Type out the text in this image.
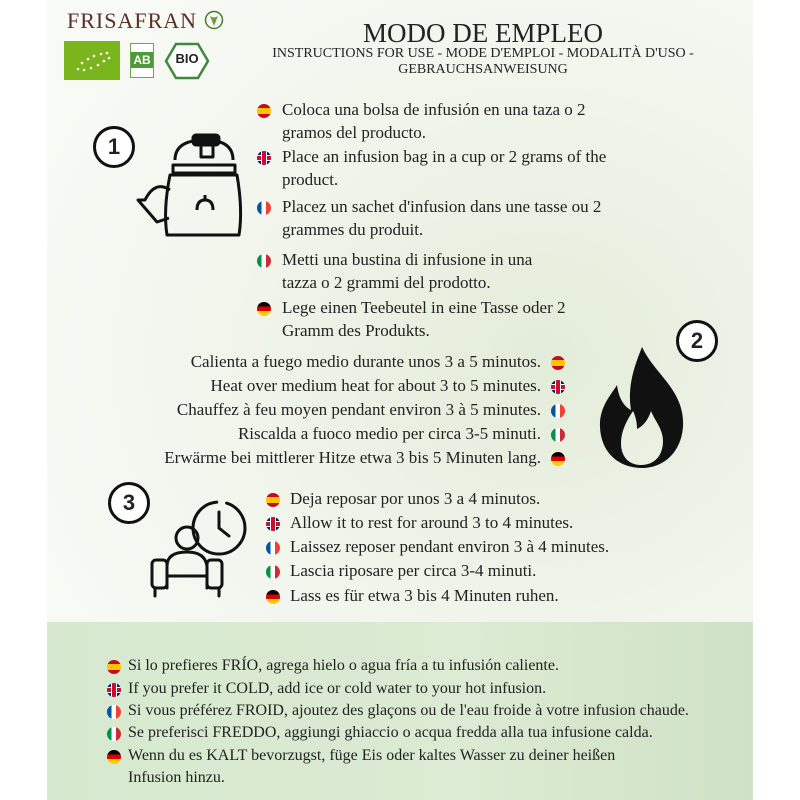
FRISAFRAN
AB	BIO
MODO DE EMPLEO
INSTRUCTIONS FOR USE - MODE D'EMPLOI - MODALITÀ D'USO - GEBRAUCHSANWEISUNG
1
2
3
Coloca una bolsa de infusión en una taza o 2
gramos del producto.
Place an infusion bag in a cup or 2 grams of the
product.
Placez un sachet d'infusion dans une tasse ou 2
grammes du produit.
Metti una bustina di infusione in una
tazza o 2 grammi del prodotto.
Lege einen Teebeutel in eine Tasse oder 2
Gramm des Produkts.
Calienta a fuego medio durante unos 3 a 5 minutos.
Heat over medium heat for about 3 to 5 minutes.
Chauffez à feu moyen pendant environ 3 à 5 minutes.
Riscalda a fuoco medio per circa 3-5 minuti.
Erwärme bei mittlerer Hitze etwa 3 bis 5 Minuten lang.
Deja reposar por unos 3 a 4 minutos.
Allow it to rest for around 3 to 4 minutes.
Laissez reposer pendant environ 3 à 4 minutes.
Lascia riposare per circa 3-4 minuti.
Lass es für etwa 3 bis 4 Minuten ruhen.
Si lo prefieres FRÍO, agrega hielo o agua fría a tu infusión caliente.
If you prefer it COLD, add ice or cold water to your hot infusion.
Si vous préférez FROID, ajoutez des glaçons ou de l'eau froide à votre infusion chaude.
Se preferisci FREDDO, aggiungi ghiaccio o acqua fredda alla tua infusione calda.
Wenn du es KALT bevorzugst, füge Eis oder kaltes Wasser zu deiner heißen
Infusion hinzu.
